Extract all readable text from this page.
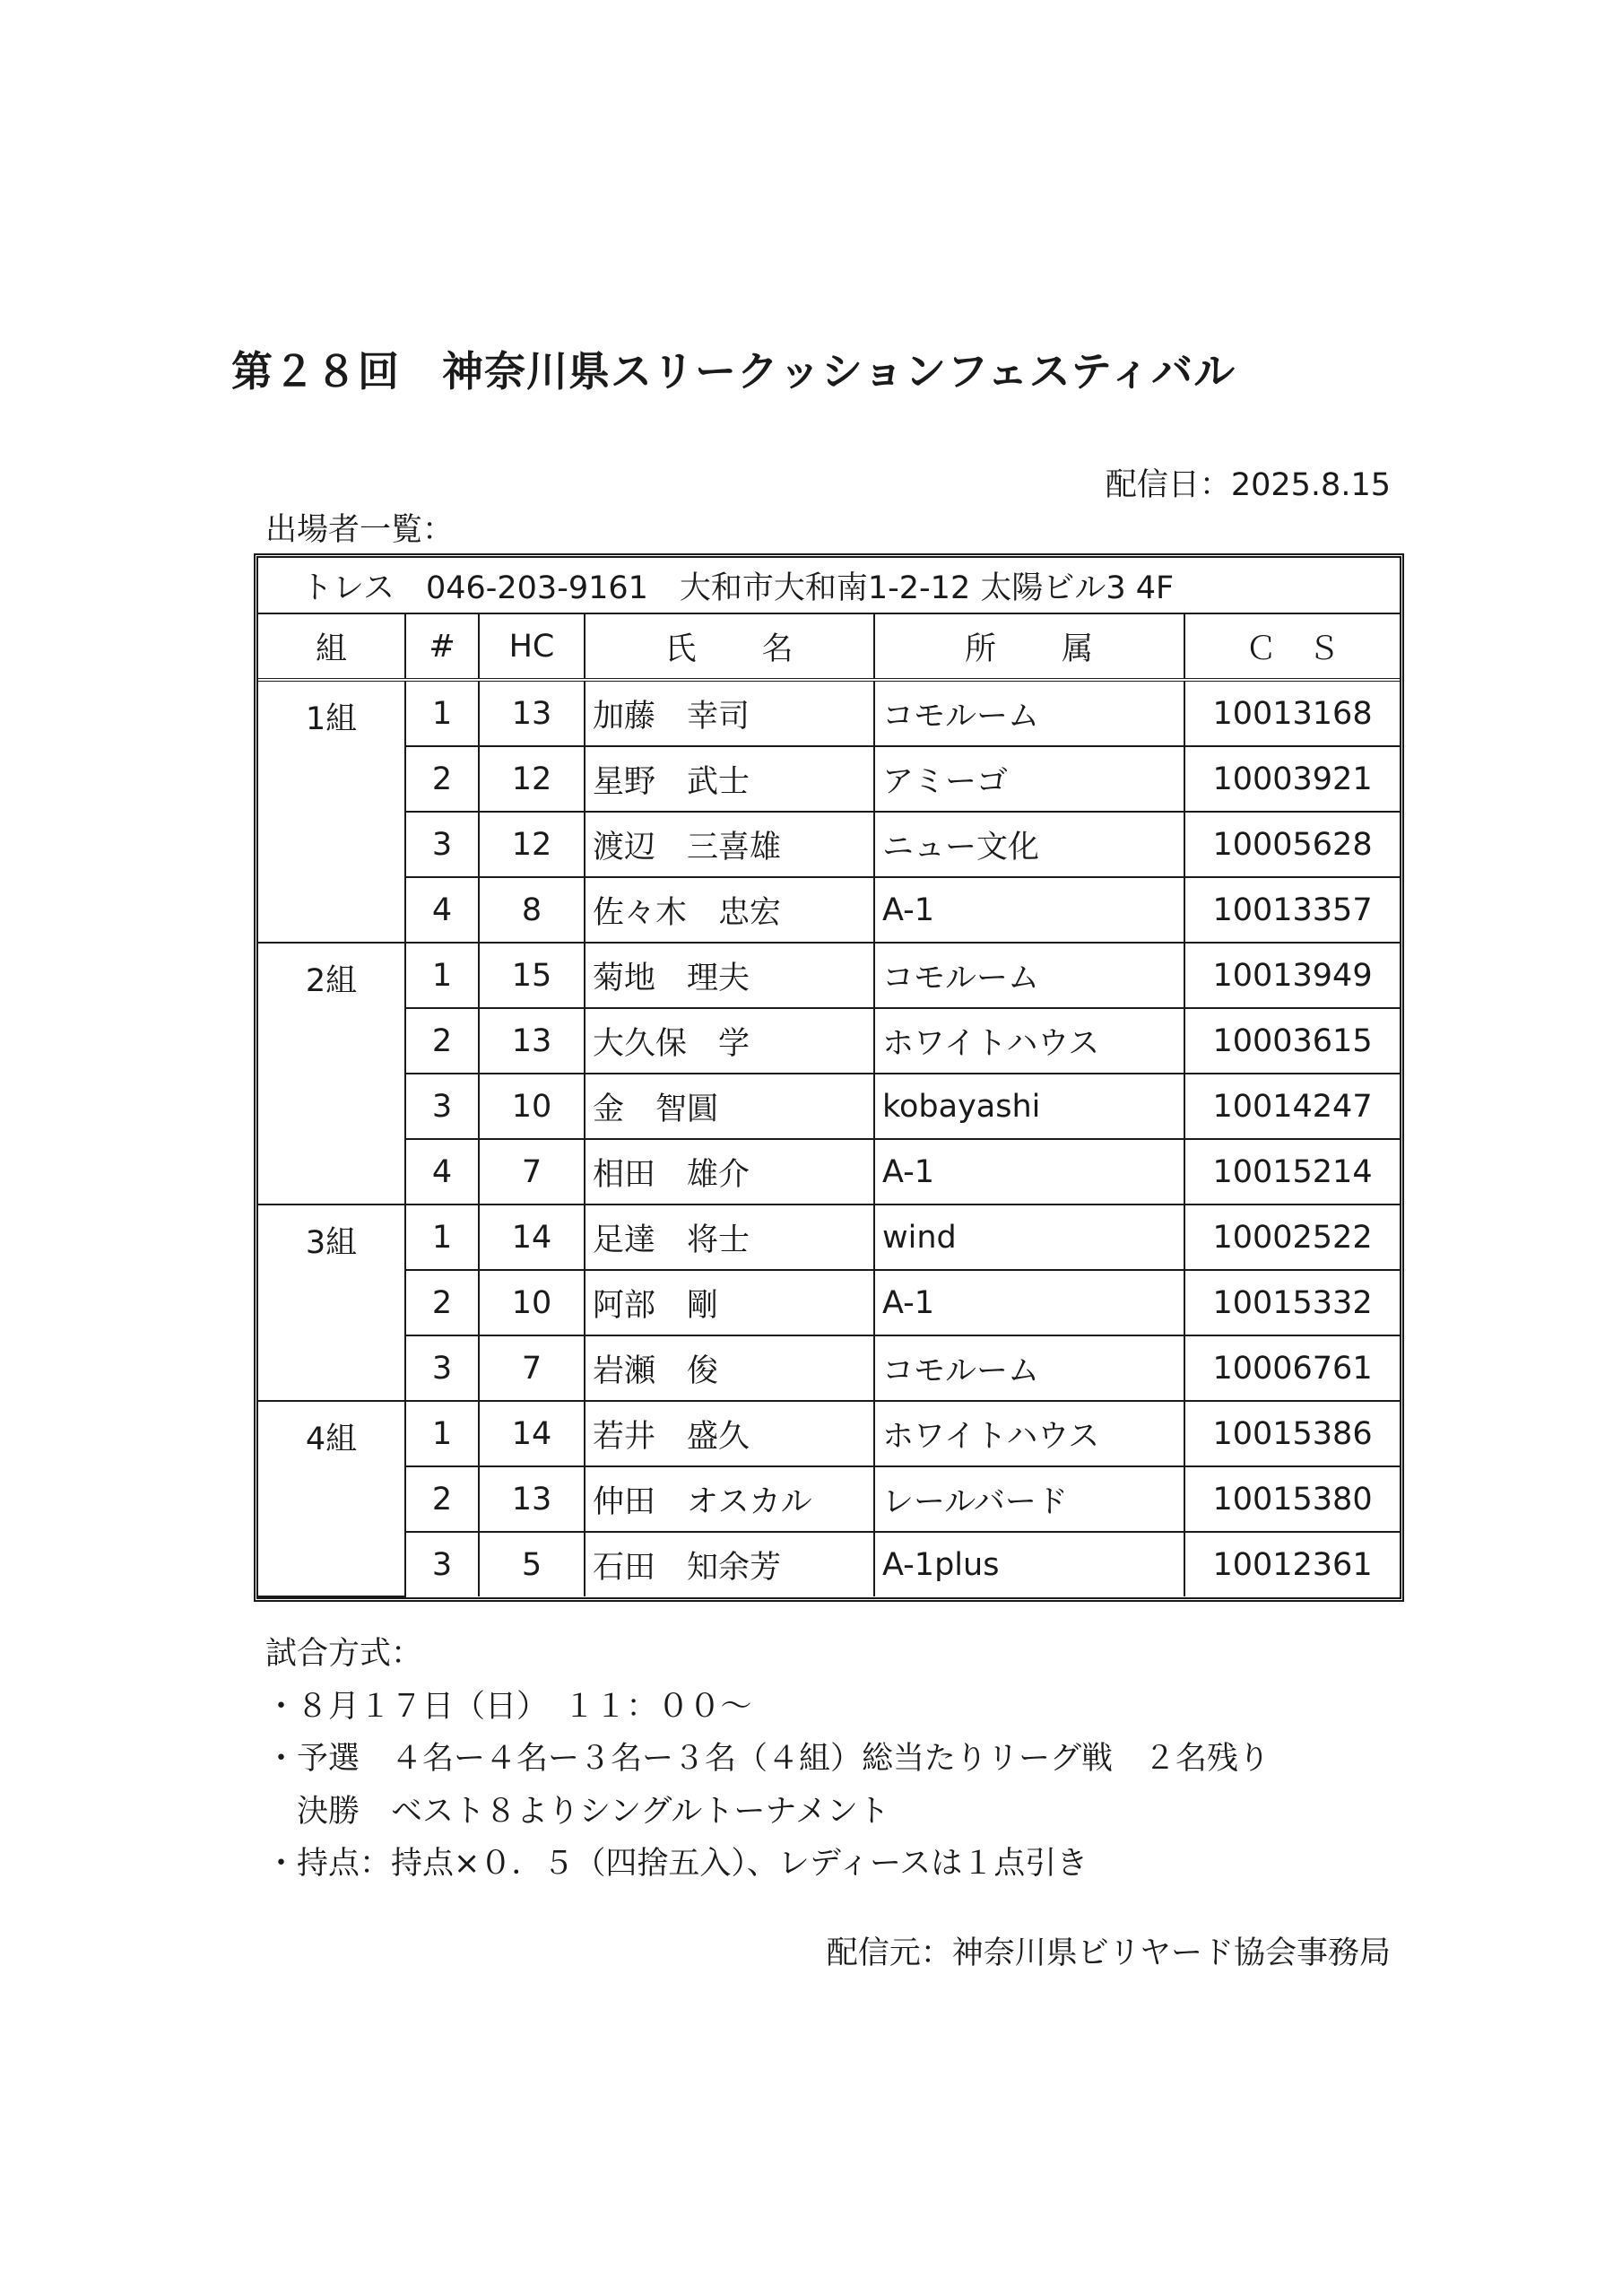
第２８回　神奈川県スリークッションフェスティバル
配信日：2025.8.15
出場者一覧：
トレス　046-203-9161　大和市大和南1-2-12 太陽ビル3 4F					
組	#	HC	氏　　名	所　　属	Ｃ　Ｓ
1組	1	13	加藤　幸司	コモルーム	10013168
	2	12	星野　武士	アミーゴ	10003921
	3	12	渡辺　三喜雄	ニュー文化	10005628
	4	8	佐々木　忠宏	A-1	10013357
2組	1	15	菊地　理夫	コモルーム	10013949
	2	13	大久保　学	ホワイトハウス	10003615
	3	10	金　智圓	kobayashi	10014247
	4	7	相田　雄介	A-1	10015214
3組	1	14	足達　将士	wind	10002522
	2	10	阿部　剛	A-1	10015332
	3	7	岩瀬　俊	コモルーム	10006761
4組	1	14	若井　盛久	ホワイトハウス	10015386
	2	13	仲田　オスカル	レールバード	10015380
	3	5	石田　知余芳	A-1plus	10012361
試合方式：
・８月１７日（日）　１１：００～
・予選　４名ー４名ー３名ー３名（４組）総当たりリーグ戦　２名残り
　決勝　ベスト８よりシングルトーナメント
・持点：持点×０．５（四捨五入）、レディースは１点引き
配信元：神奈川県ビリヤード協会事務局
